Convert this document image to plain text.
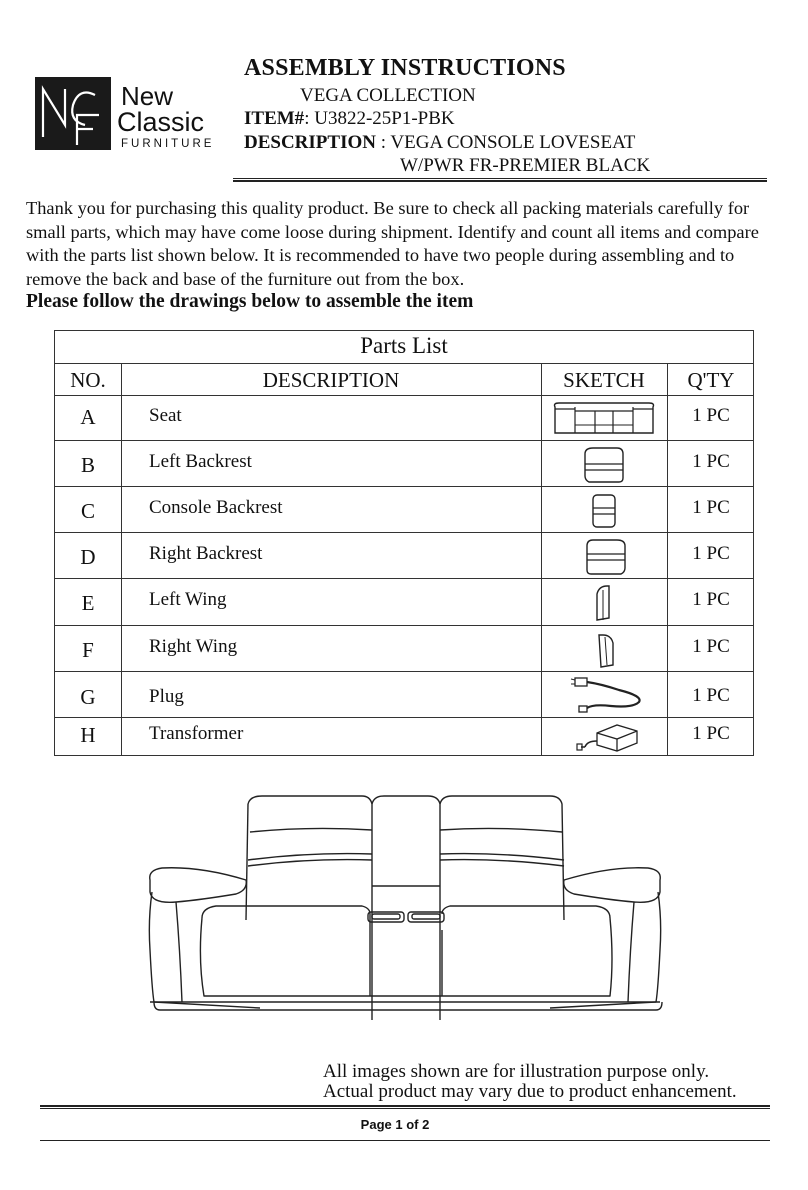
New
Classic
FURNITURE
ASSEMBLY INSTRUCTIONS
VEGA COLLECTION
ITEM#: U3822-25P1-PBK
DESCRIPTION : VEGA CONSOLE LOVESEAT
W/PWR FR-PREMIER BLACK

Thank you for purchasing this quality product. Be sure to check all packing materials carefully for small parts, which may have come loose during shipment. Identify and count all items and compare with the parts list shown below. It is recommended to have two people during assembling and to remove the back and base of the furniture out from the box.

Please follow the drawings below to assemble the item
Parts List
NO.	DESCRIPTION	SKETCH	Q'TY
A	Seat	1 PC
B	Left Backrest	1 PC
C	Console Backrest	1 PC
D	Right Backrest	1 PC
E	Left Wing	1 PC
F	Right Wing	1 PC
G	Plug	1 PC
H	Transformer	1 PC
All images shown are for illustration purpose only.
Actual product may vary due to product enhancement.
Page 1 of 2
